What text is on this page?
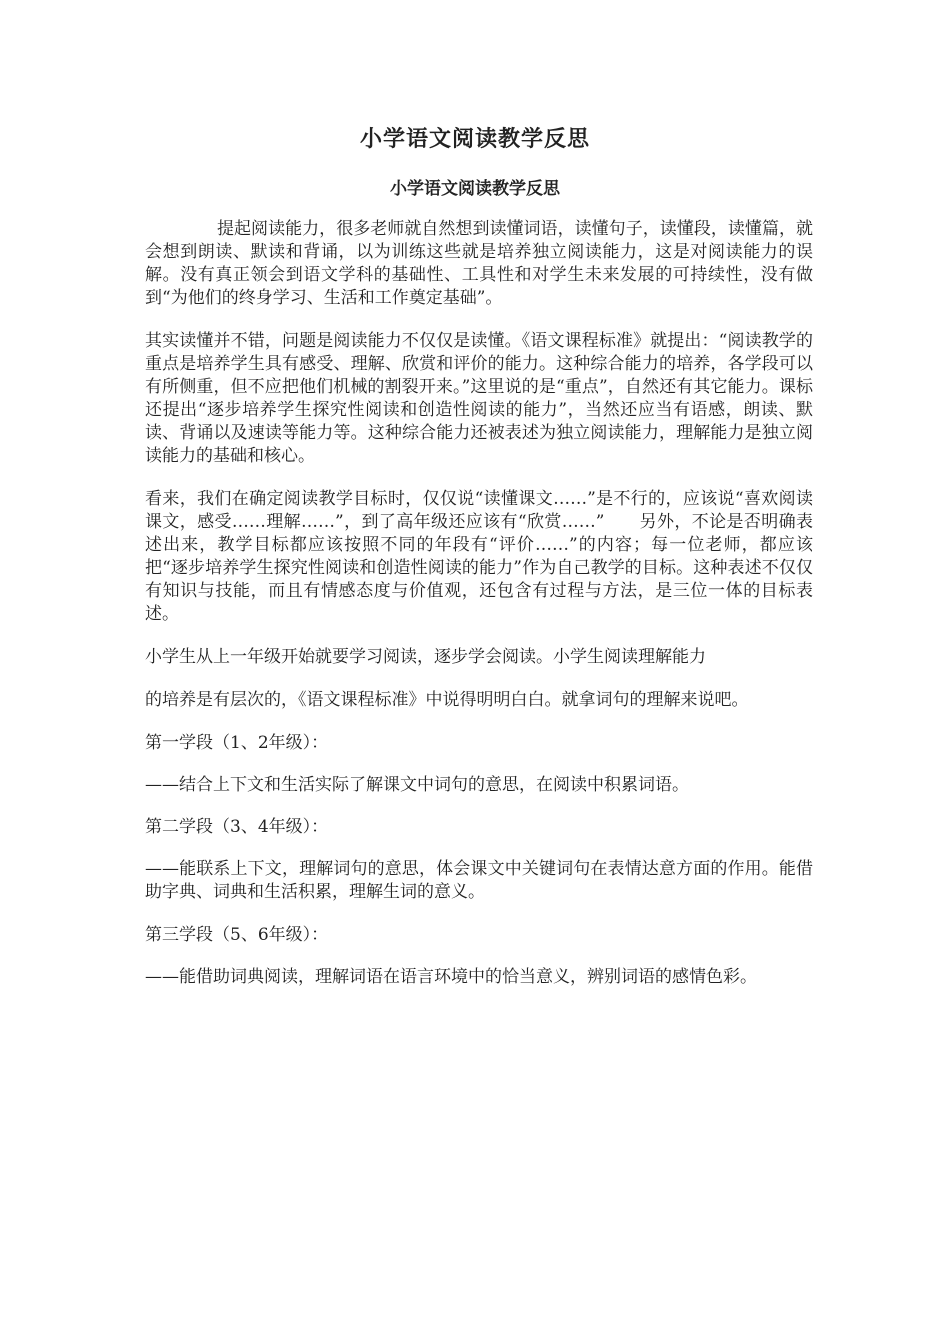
小学语文阅读教学反思
小学语文阅读教学反思

提起阅读能力，很多老师就自然想到读懂词语，读懂句子，读懂段，读懂篇，就会想到朗读、默读和背诵，以为训练这些就是培养独立阅读能力，这是对阅读能力的误解。没有真正领会到语文学科的基础性、工具性和对学生未来发展的可持续性，没有做到“为他们的终身学习、生活和工作奠定基础”。

其实读懂并不错，问题是阅读能力不仅仅是读懂。《语文课程标准》就提出：“阅读教学的重点是培养学生具有感受、理解、欣赏和评价的能力。这种综合能力的培养，各学段可以有所侧重，但不应把他们机械的割裂开来。”这里说的是“重点”，自然还有其它能力。课标还提出“逐步培养学生探究性阅读和创造性阅读的能力”，当然还应当有语感，朗读、默读、背诵以及速读等能力等。这种综合能力还被表述为独立阅读能力，理解能力是独立阅读能力的基础和核心。

看来，我们在确定阅读教学目标时，仅仅说“读懂课文……”是不行的，应该说“喜欢阅读课文，感受……理解……”，到了高年级还应该有“欣赏……”　　另外，不论是否明确表述出来，教学目标都应该按照不同的年段有“评价……”的内容；每一位老师，都应该把“逐步培养学生探究性阅读和创造性阅读的能力”作为自己教学的目标。这种表述不仅仅有知识与技能，而且有情感态度与价值观，还包含有过程与方法，是三位一体的目标表述。

小学生从上一年级开始就要学习阅读，逐步学会阅读。小学生阅读理解能力

的培养是有层次的，《语文课程标准》中说得明明白白。就拿词句的理解来说吧。

第一学段（1、2年级）：

——结合上下文和生活实际了解课文中词句的意思，在阅读中积累词语。

第二学段（3、4年级）：

——能联系上下文，理解词句的意思，体会课文中关键词句在表情达意方面的作用。能借助字典、词典和生活积累，理解生词的意义。

第三学段（5、6年级）：

——能借助词典阅读，理解词语在语言环境中的恰当意义，辨别词语的感情色彩。
